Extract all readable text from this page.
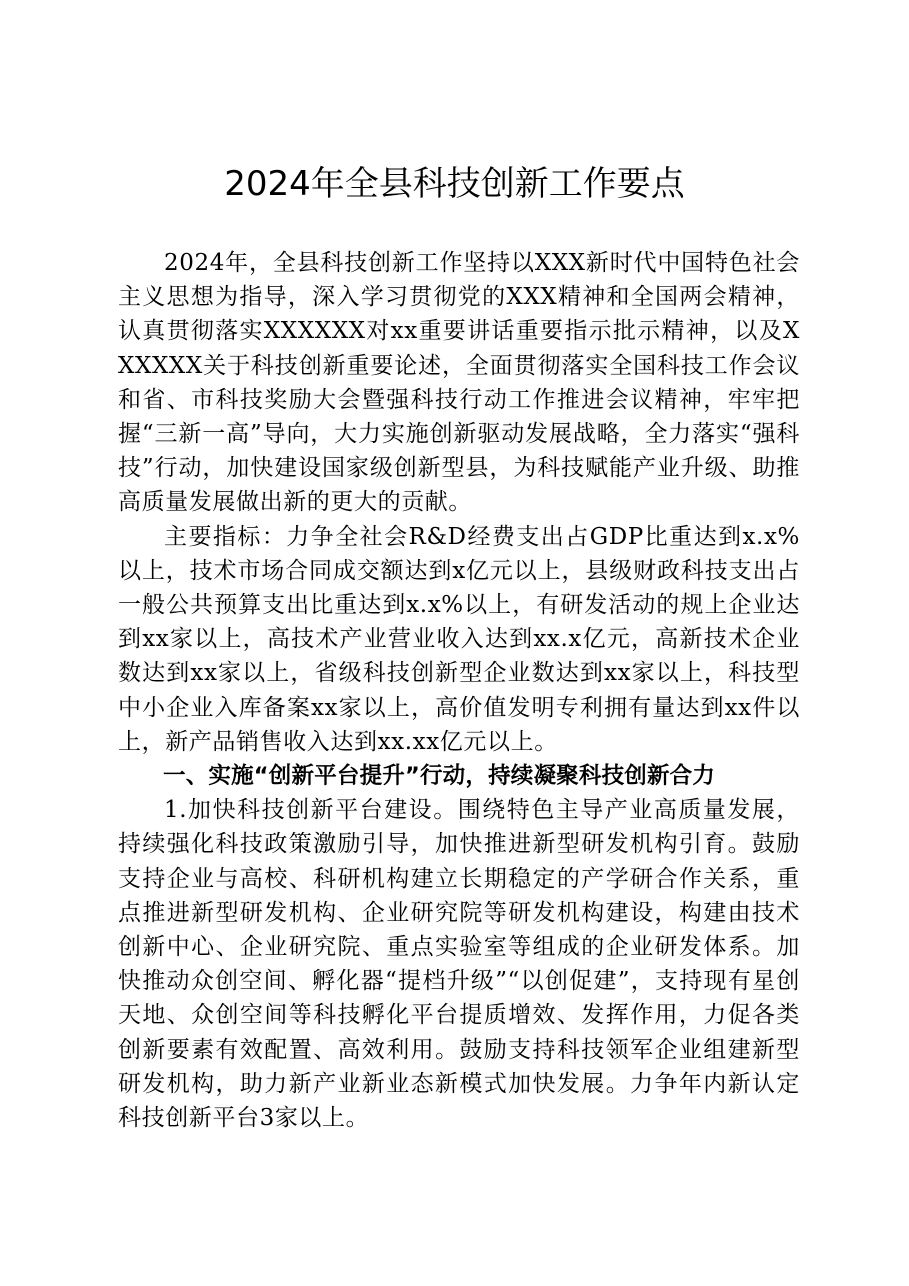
2024年全县科技创新工作要点

2024年，全县科技创新工作坚持以XXX新时代中国特色社会主义思想为指导，深入学习贯彻党的XXX精神和全国两会精神，认真贯彻落实XXXXXX对xx重要讲话重要指示批示精神，以及XXXXXX关于科技创新重要论述，全面贯彻落实全国科技工作会议和省、市科技奖励大会暨强科技行动工作推进会议精神，牢牢把握“三新一高”导向，大力实施创新驱动发展战略，全力落实“强科技”行动，加快建设国家级创新型县，为科技赋能产业升级、助推高质量发展做出新的更大的贡献。

主要指标：力争全社会R&D经费支出占GDP比重达到x.x%以上，技术市场合同成交额达到x亿元以上，县级财政科技支出占一般公共预算支出比重达到x.x%以上，有研发活动的规上企业达到xx家以上，高技术产业营业收入达到xx.x亿元，高新技术企业数达到xx家以上，省级科技创新型企业数达到xx家以上，科技型中小企业入库备案xx家以上，高价值发明专利拥有量达到xx件以上，新产品销售收入达到xx.xx亿元以上。

一、实施“创新平台提升”行动，持续凝聚科技创新合力

1.加快科技创新平台建设。围绕特色主导产业高质量发展，持续强化科技政策激励引导，加快推进新型研发机构引育。鼓励支持企业与高校、科研机构建立长期稳定的产学研合作关系，重点推进新型研发机构、企业研究院等研发机构建设，构建由技术创新中心、企业研究院、重点实验室等组成的企业研发体系。加快推动众创空间、孵化器“提档升级”“以创促建”，支持现有星创天地、众创空间等科技孵化平台提质增效、发挥作用，力促各类创新要素有效配置、高效利用。鼓励支持科技领军企业组建新型研发机构，助力新产业新业态新模式加快发展。力争年内新认定科技创新平台3家以上。
